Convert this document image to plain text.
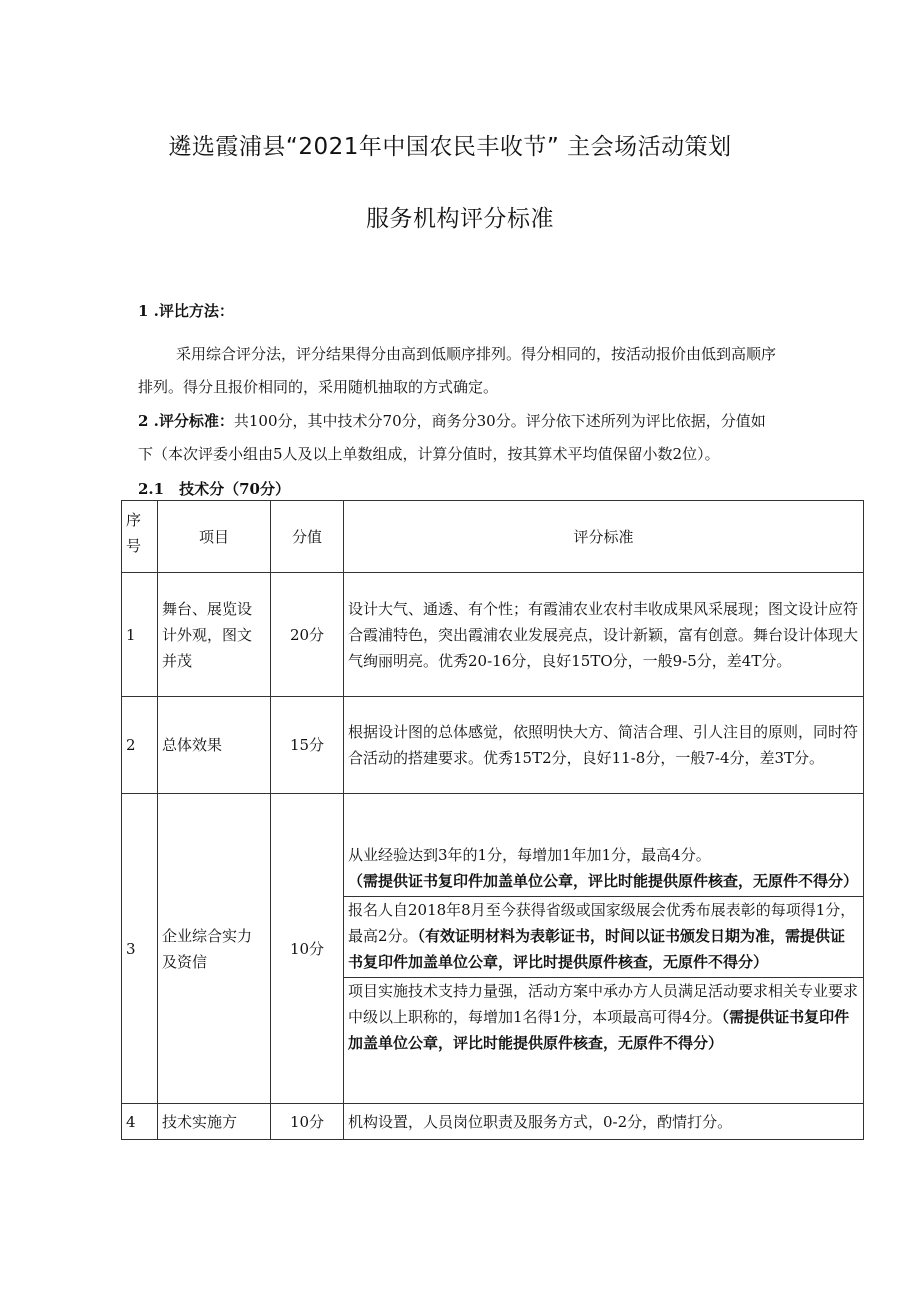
遴选霞浦县“2021年中国农民丰收节” 主会场活动策划
服务机构评分标准
1 .评比方法：
采用综合评分法，评分结果得分由高到低顺序排列。得分相同的，按活动报价由低到高顺序
排列。得分且报价相同的，采用随机抽取的方式确定。
2 .评分标准：共100分，其中技术分70分，商务分30分。评分依下述所列为评比依据，分值如
下（本次评委小组由5人及以上单数组成，计算分值时，按其算术平均值保留小数2位）。
2.1　技术分（70分）
序号	项目	分值	评分标准
1	舞台、展览设计外观，图文并茂	20分	设计大气、通透、有个性；有霞浦农业农村丰收成果风采展现；图文设计应符合霞浦特色，突出霞浦农业发展亮点，设计新颖，富有创意。舞台设计体现大气绚丽明亮。优秀20-16分，良好15TO分，一般9-5分，差4T分。
2	总体效果	15分	根据设计图的总体感觉，依照明快大方、简洁合理、引人注目的原则，同时符合活动的搭建要求。优秀15T2分，良好11-8分，一般7-4分，差3T分。
3	企业综合实力及资信	10分	从业经验达到3年的1分，每增加1年加1分，最高4分。
（需提供证书复印件加盖单位公章，评比时能提供原件核查，无原件不得分）
报名人自2018年8月至今获得省级或国家级展会优秀布展表彰的每项得1分，最高2分。（有效证明材料为表彰证书，时间以证书颁发日期为准，需提供证书复印件加盖单位公章，评比时提供原件核查，无原件不得分）
项目实施技术支持力量强，活动方案中承办方人员满足活动要求相关专业要求中级以上职称的，每增加1名得1分，本项最高可得4分。（需提供证书复印件加盖单位公章，评比时能提供原件核查，无原件不得分）

4	技术实施方	10分	机构设置，人员岗位职责及服务方式，0-2分，酌情打分。
